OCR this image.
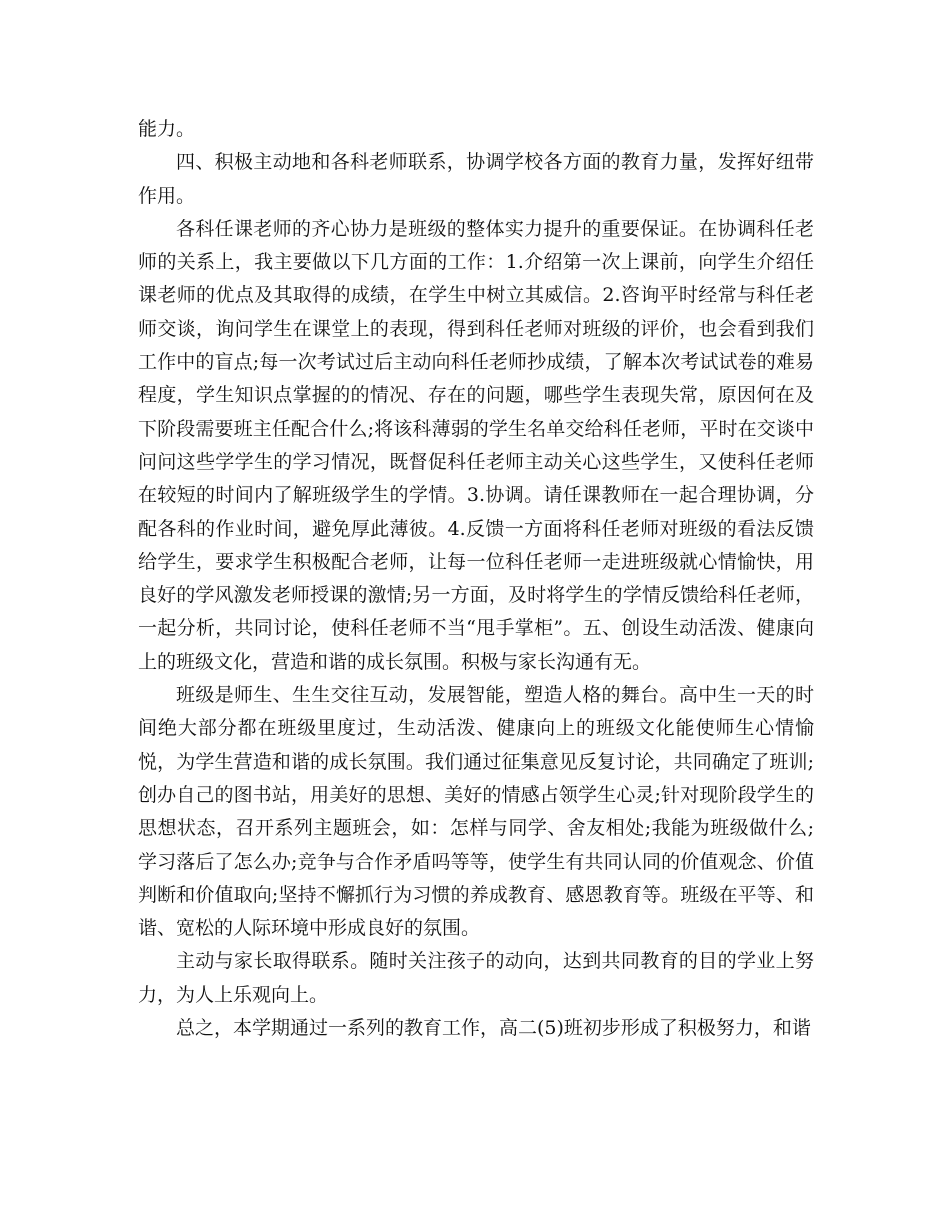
能力。

四、积极主动地和各科老师联系，协调学校各方面的教育力量，发挥好纽带作用。

各科任课老师的齐心协力是班级的整体实力提升的重要保证。在协调科任老师的关系上，我主要做以下几方面的工作：1.介绍第一次上课前，向学生介绍任课老师的优点及其取得的成绩，在学生中树立其威信。2.咨询平时经常与科任老师交谈，询问学生在课堂上的表现，得到科任老师对班级的评价，也会看到我们工作中的盲点;每一次考试过后主动向科任老师抄成绩，了解本次考试试卷的难易程度，学生知识点掌握的的情况、存在的问题，哪些学生表现失常，原因何在及下阶段需要班主任配合什么;将该科薄弱的学生名单交给科任老师，平时在交谈中问问这些学学生的学习情况，既督促科任老师主动关心这些学生，又使科任老师在较短的时间内了解班级学生的学情。3.协调。请任课教师在一起合理协调，分配各科的作业时间，避免厚此薄彼。4.反馈一方面将科任老师对班级的看法反馈给学生，要求学生积极配合老师，让每一位科任老师一走进班级就心情愉快，用良好的学风激发老师授课的激情;另一方面，及时将学生的学情反馈给科任老师，一起分析，共同讨论，使科任老师不当“甩手掌柜”。五、创设生动活泼、健康向上的班级文化，营造和谐的成长氛围。积极与家长沟通有无。

班级是师生、生生交往互动，发展智能，塑造人格的舞台。高中生一天的时间绝大部分都在班级里度过，生动活泼、健康向上的班级文化能使师生心情愉悦，为学生营造和谐的成长氛围。我们通过征集意见反复讨论，共同确定了班训;创办自己的图书站，用美好的思想、美好的情感占领学生心灵;针对现阶段学生的思想状态，召开系列主题班会，如：怎样与同学、舍友相处;我能为班级做什么;学习落后了怎么办;竞争与合作矛盾吗等等，使学生有共同认同的价值观念、价值判断和价值取向;坚持不懈抓行为习惯的养成教育、感恩教育等。班级在平等、和谐、宽松的人际环境中形成良好的氛围。

主动与家长取得联系。随时关注孩子的动向，达到共同教育的目的学业上努力，为人上乐观向上。

总之，本学期通过一系列的教育工作，高二(5)班初步形成了积极努力，和谐
